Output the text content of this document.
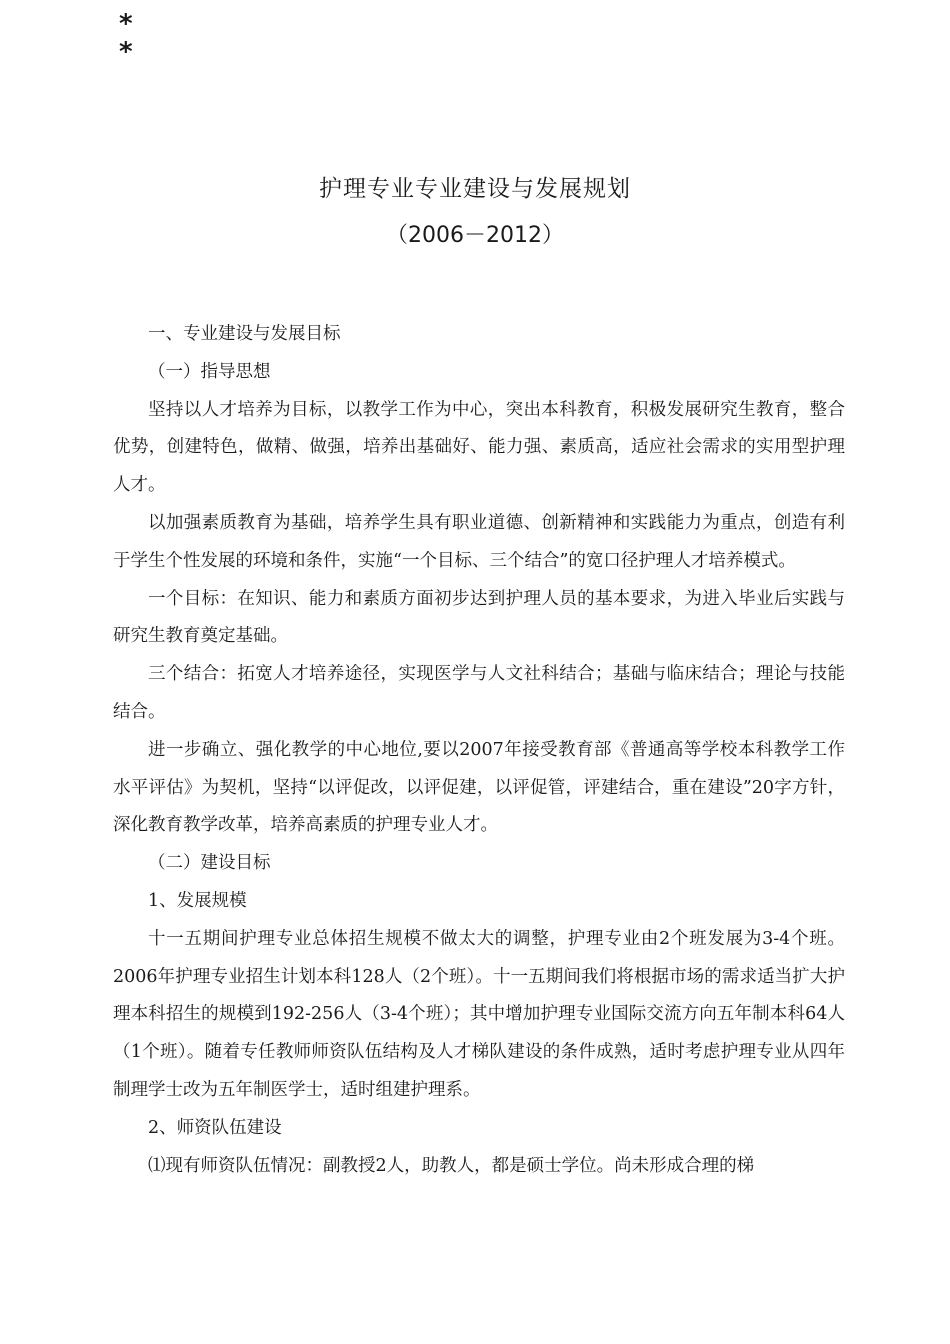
*
*
护理专业专业建设与发展规划
（2006－2012）

一、专业建设与发展目标

（一）指导思想

坚持以人才培养为目标，以教学工作为中心，突出本科教育，积极发展研究生教育，整合优势，创建特色，做精、做强，培养出基础好、能力强、素质高，适应社会需求的实用型护理人才。

以加强素质教育为基础，培养学生具有职业道德、创新精神和实践能力为重点，创造有利于学生个性发展的环境和条件，实施“一个目标、三个结合”的宽口径护理人才培养模式。

一个目标：在知识、能力和素质方面初步达到护理人员的基本要求，为进入毕业后实践与研究生教育奠定基础。

三个结合：拓宽人才培养途径，实现医学与人文社科结合；基础与临床结合；理论与技能结合。

进一步确立、强化教学的中心地位,要以2007年接受教育部《普通高等学校本科教学工作水平评估》为契机，坚持“以评促改，以评促建，以评促管，评建结合，重在建设”20字方针，深化教育教学改革，培养高素质的护理专业人才。

（二）建设目标

1、发展规模

十一五期间护理专业总体招生规模不做太大的调整，护理专业由2个班发展为3-4个班。2006年护理专业招生计划本科128人（2个班）。十一五期间我们将根据市场的需求适当扩大护理本科招生的规模到192-256人（3-4个班）；其中增加护理专业国际交流方向五年制本科64人（1个班）。随着专任教师师资队伍结构及人才梯队建设的条件成熟，适时考虑护理专业从四年制理学士改为五年制医学士，适时组建护理系。

2、师资队伍建设

⑴现有师资队伍情况：副教授2人，助教人，都是硕士学位。尚未形成合理的梯
